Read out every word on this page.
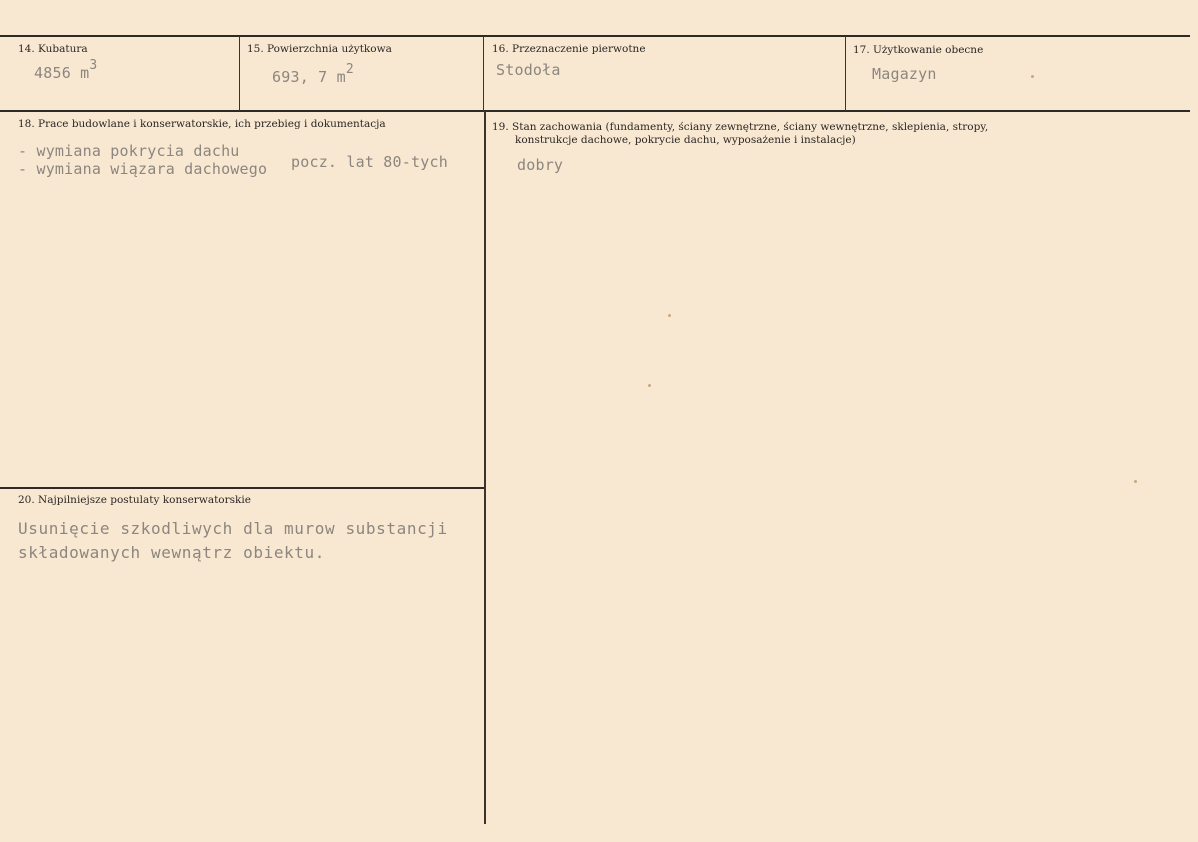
14. Kubatura
4856 m3
15. Powierzchnia użytkowa
693, 7 m2
16. Przeznaczenie pierwotne
Stodoła
17. Użytkowanie obecne
Magazyn
18. Prace budowlane i konserwatorskie, ich przebieg i dokumentacja
- wymiana pokrycia dachu
- wymiana wiązara dachowego pocz. lat 80-tych
19. Stan zachowania (fundamenty, ściany zewnętrzne, ściany wewnętrzne, sklepienia, stropy,
konstrukcje dachowe, pokrycie dachu, wyposażenie i instalacje)
dobry
20. Najpilniejsze postulaty konserwatorskie
Usunięcie szkodliwych dla murow substancji
składowanych wewnątrz obiektu.
